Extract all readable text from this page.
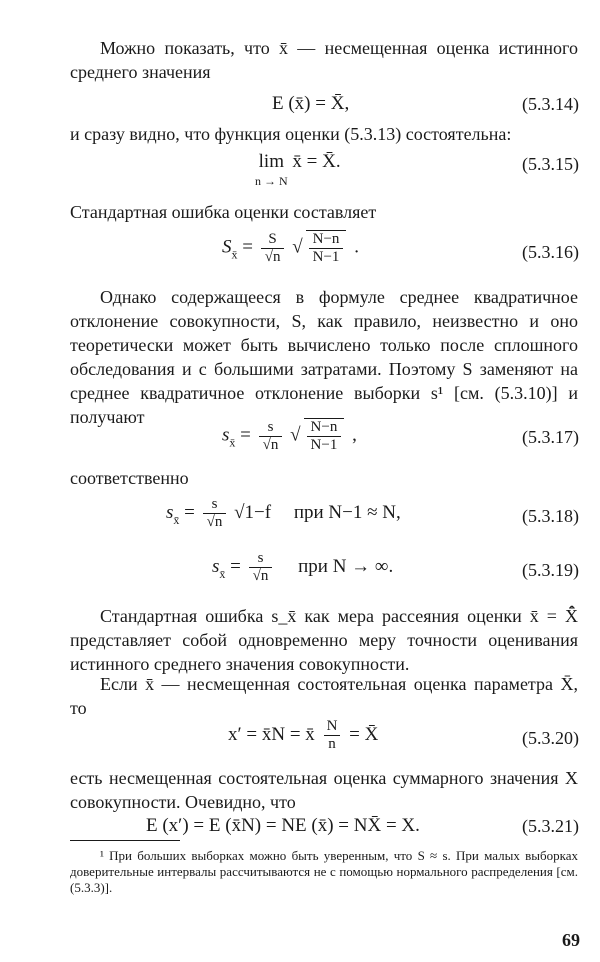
Можно показать, что x̄ — несмещенная оценка истинного среднего значения

E (x̄) = X̄,	(5.3.14)

и сразу видно, что функция оценки (5.3.13) состоятельна:

lim
n → N
x̄ = X̄.	(5.3.15)

Стандартная ошибка оценки составляет

$S_{x̄} = \frac{S}{√n}$ √ $\frac{N-n}{N-1}$ .	(5.3.16)

Однако содержащееся в формуле среднее квадратичное отклонение совокупности, S, как правило, неизвестно и оно теоретически может быть вычислено только после сплошного обследования и с большими затратами. Поэтому S заменяют на среднее квадратичное отклонение выборки s¹ [см. (5.3.10)] и получают

$s_{x̄} = \frac{s}{√n}$ √ $\frac{N-n}{N-1}$ ,	(5.3.17)

соответственно

$s_{x̄} = \frac{s}{√n} √1-f$ при N−1 ≈ N,	(5.3.18)
$s_{x̄} = \frac{s}{√n}$ при N → ∞.	(5.3.19)

Стандартная ошибка s_x̄ как мера рассеяния оценки x̄ = X̂̄ представляет собой одновременно меру точности оценивания истинного среднего значения совокупности.

Если x̄ — несмещенная состоятельная оценка параметра X̄, то

x′ = x̄N = x̄ $\frac{N}{n}$ = X̄	(5.3.20)

есть несмещенная состоятельная оценка суммарного значения X совокупности. Очевидно, что

E (x′) = E (x̄N) = NE (x̄) = NX̄ = X.	(5.3.21)

¹ При больших выборках можно быть уверенным, что S ≈ s. При малых выборках доверительные интервалы рассчитываются не с помощью нормального распределения [см. (5.3.3)].

69
